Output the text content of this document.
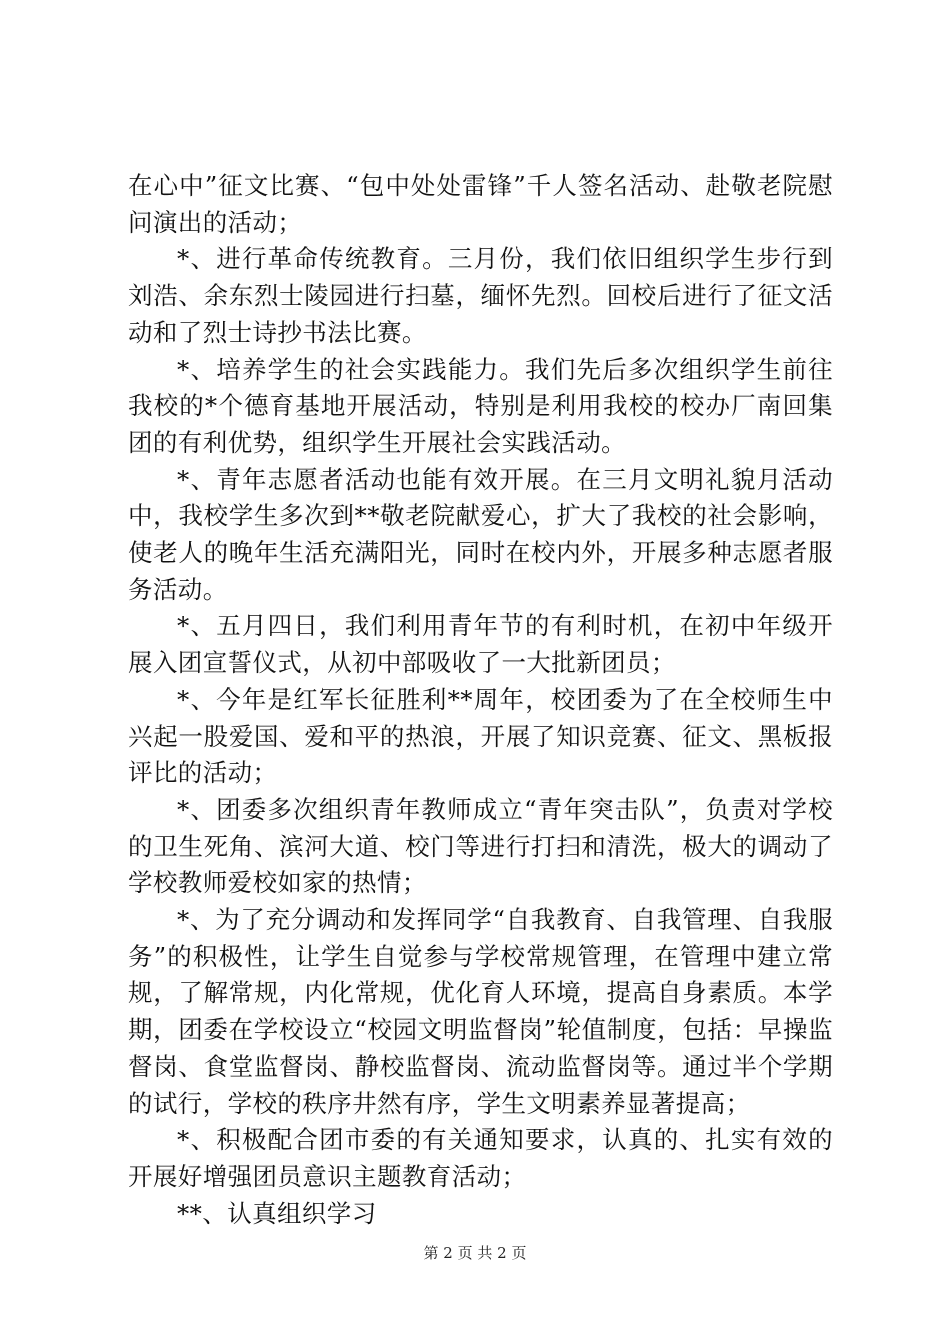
在心中”征文比赛、“包中处处雷锋”千人签名活动、赴敬老院慰问演出的活动；

*、进行革命传统教育。三月份，我们依旧组织学生步行到刘浩、余东烈士陵园进行扫墓，缅怀先烈。回校后进行了征文活动和了烈士诗抄书法比赛。

*、培养学生的社会实践能力。我们先后多次组织学生前往我校的*个德育基地开展活动，特别是利用我校的校办厂南回集团的有利优势，组织学生开展社会实践活动。

*、青年志愿者活动也能有效开展。在三月文明礼貌月活动中，我校学生多次到**敬老院献爱心，扩大了我校的社会影响，使老人的晚年生活充满阳光，同时在校内外，开展多种志愿者服务活动。

*、五月四日，我们利用青年节的有利时机，在初中年级开展入团宣誓仪式，从初中部吸收了一大批新团员；

*、今年是红军长征胜利**周年，校团委为了在全校师生中兴起一股爱国、爱和平的热浪，开展了知识竞赛、征文、黑板报评比的活动；

*、团委多次组织青年教师成立“青年突击队”，负责对学校的卫生死角、滨河大道、校门等进行打扫和清洗，极大的调动了学校教师爱校如家的热情；

*、为了充分调动和发挥同学“自我教育、自我管理、自我服务”的积极性，让学生自觉参与学校常规管理，在管理中建立常规，了解常规，内化常规，优化育人环境，提高自身素质。本学期，团委在学校设立“校园文明监督岗”轮值制度，包括：早操监督岗、食堂监督岗、静校监督岗、流动监督岗等。通过半个学期的试行，学校的秩序井然有序，学生文明素养显著提高；

*、积极配合团市委的有关通知要求，认真的、扎实有效的开展好增强团员意识主题教育活动；

**、认真组织学习

第 2 页 共 2 页
